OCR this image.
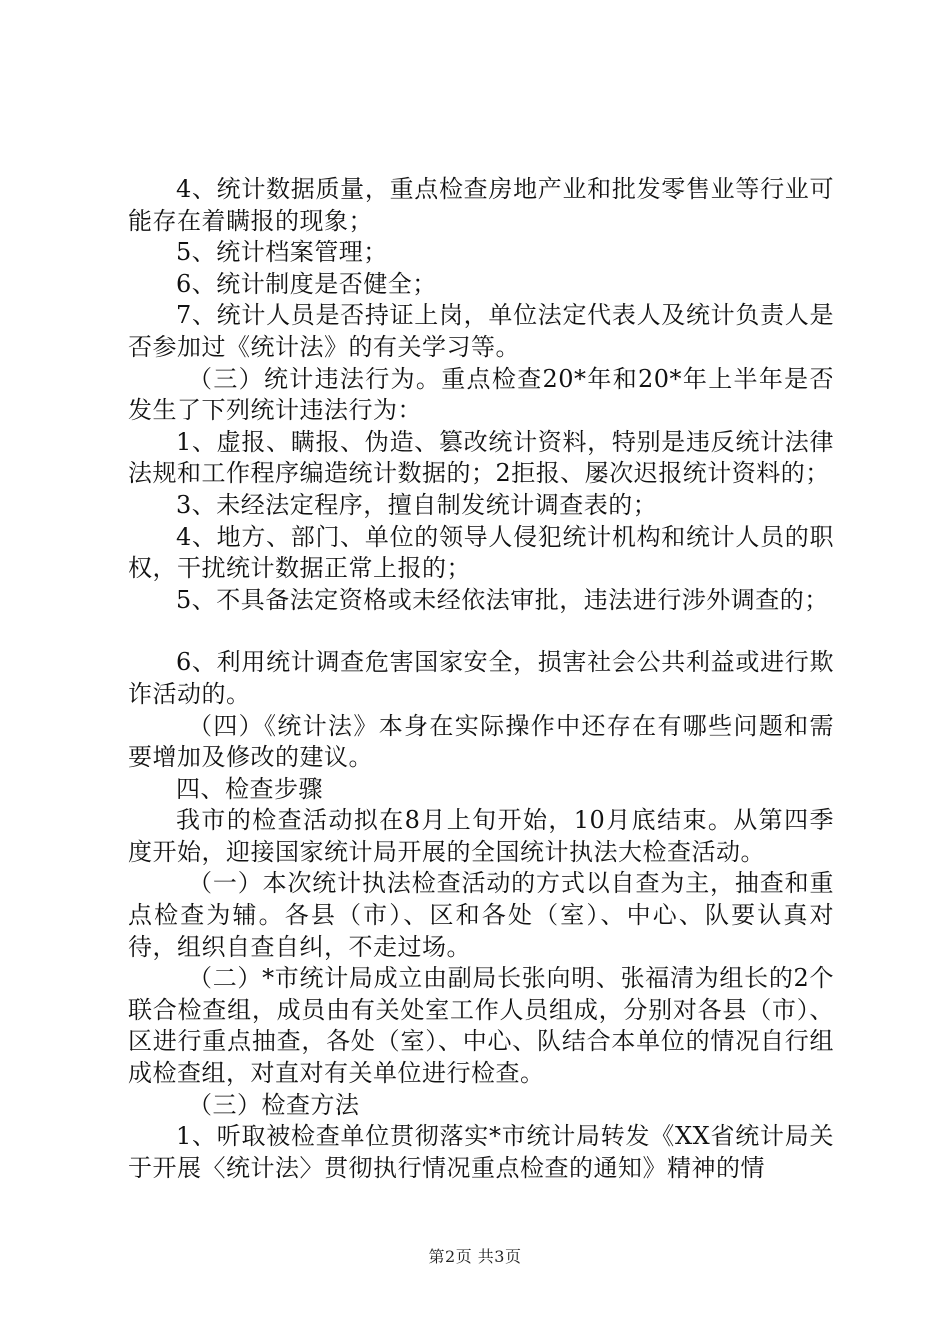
4、统计数据质量，重点检查房地产业和批发零售业等行业可能存在着瞒报的现象；

5、统计档案管理；

6、统计制度是否健全；

7、统计人员是否持证上岗，单位法定代表人及统计负责人是否参加过《统计法》的有关学习等。

（三）统计违法行为。重点检查20*年和20*年上半年是否发生了下列统计违法行为：

1、虚报、瞒报、伪造、篡改统计资料，特别是违反统计法律法规和工作程序编造统计数据的；2拒报、屡次迟报统计资料的；

3、未经法定程序，擅自制发统计调查表的；

4、地方、部门、单位的领导人侵犯统计机构和统计人员的职权，干扰统计数据正常上报的；

5、不具备法定资格或未经依法审批，违法进行涉外调查的；

6、利用统计调查危害国家安全，损害社会公共利益或进行欺诈活动的。

（四）《统计法》本身在实际操作中还存在有哪些问题和需要增加及修改的建议。

四、检查步骤

我市的检查活动拟在8月上旬开始，10月底结束。从第四季度开始，迎接国家统计局开展的全国统计执法大检查活动。

（一）本次统计执法检查活动的方式以自查为主，抽查和重点检查为辅。各县（市）、区和各处（室）、中心、队要认真对待，组织自查自纠，不走过场。

（二）*市统计局成立由副局长张向明、张福清为组长的2个联合检查组，成员由有关处室工作人员组成，分别对各县（市）、区进行重点抽查，各处（室）、中心、队结合本单位的情况自行组成检查组，对直对有关单位进行检查。

（三）检查方法

1、听取被检查单位贯彻落实*市统计局转发《XX省统计局关于开展〈统计法〉贯彻执行情况重点检查的通知》精神的情

第2页 共3页
